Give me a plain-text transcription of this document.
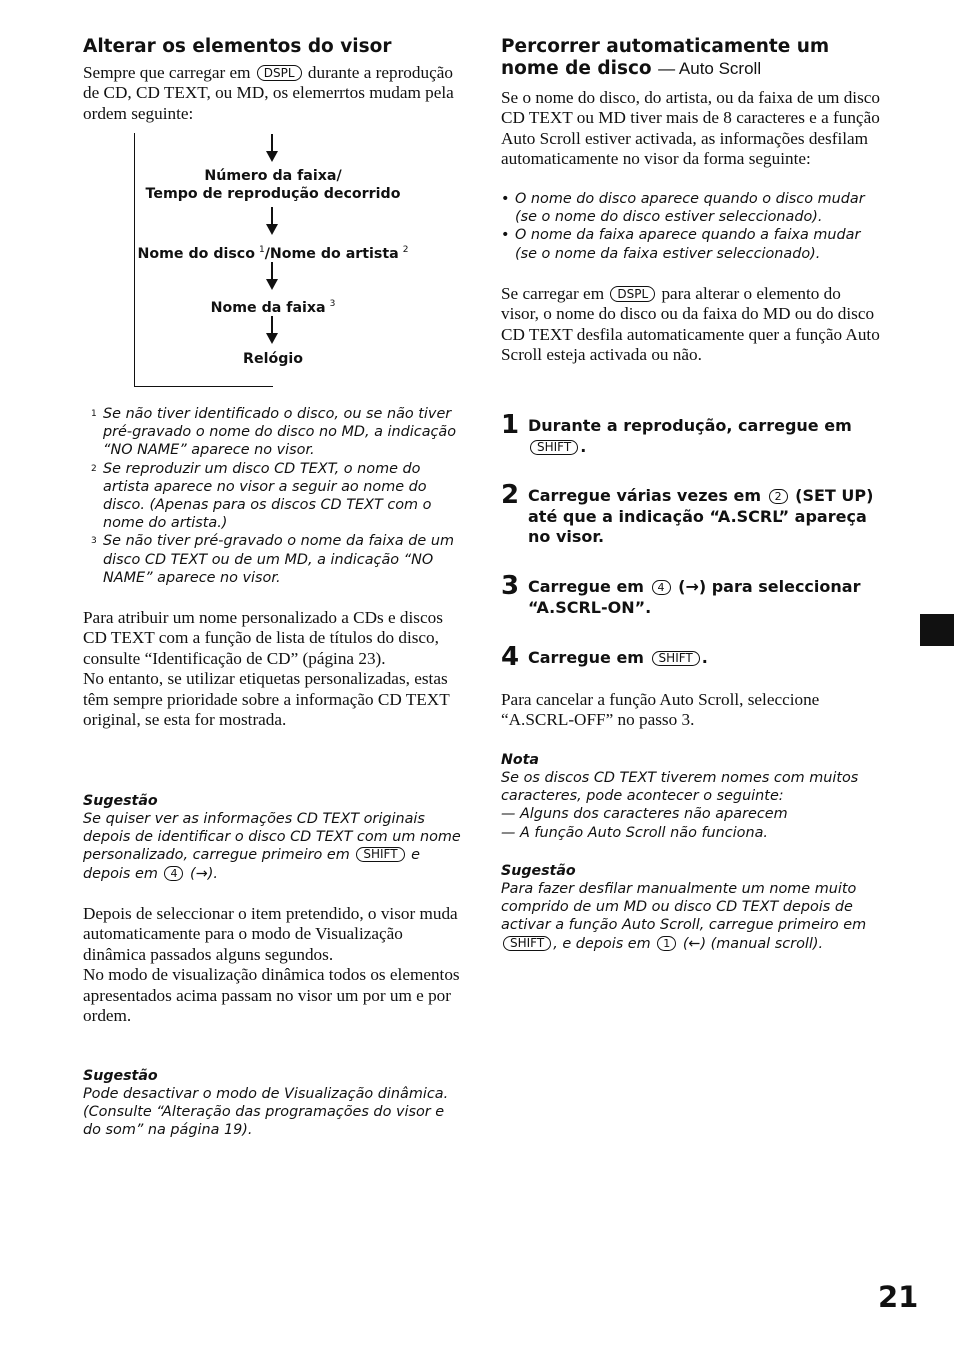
Alterar os elementos do visor

Sempre que carregar em DSPL durante a reprodução de CD, CD TEXT, ou MD, os elemerrtos mudam pela ordem seguinte:

Número da faixa/
Tempo de reprodução decorrido
Nome do disco $^1$/Nome do artista $^2$
Nome da faixa $^3$
Relógio
1 Se não tiver identificado o disco, ou se não tiver pré-gravado o nome do disco no MD, a indicação “NO NAME” aparece no visor.
2 Se reproduzir um disco CD TEXT, o nome do artista aparece no visor a seguir ao nome do disco. (Apenas para os discos CD TEXT com o nome do artista.)
3 Se não tiver pré-gravado o nome da faixa de um disco CD TEXT ou de um MD, a indicação “NO NAME” aparece no visor.

Para atribuir um nome personalizado a CDs e discos CD TEXT com a função de lista de títulos do disco, consulte “Identificação de CD” (página 23).

No entanto, se utilizar etiquetas personalizadas, estas têm sempre prioridade sobre a informação CD TEXT original, se esta for mostrada.

Sugestão
Se quiser ver as informações CD TEXT originais depois de identificar o disco CD TEXT com um nome personalizado, carregue primeiro em SHIFT e depois em 4 (→).

Depois de seleccionar o item pretendido, o visor muda automaticamente para o modo de Visualização dinâmica passados alguns segundos.

No modo de visualização dinâmica todos os elementos apresentados acima passam no visor um por um e por ordem.

Sugestão
Pode desactivar o modo de Visualização dinâmica. (Consulte “Alteração das programações do visor e do som” na página 19).
Percorrer automaticamente um nome de disco — Auto Scroll

Se o nome do disco, do artista, ou da faixa de um disco CD TEXT ou MD tiver mais de 8 caracteres e a função Auto Scroll estiver activada, as informações desfilam automaticamente no visor da forma seguinte:

• O nome do disco aparece quando o disco mudar (se o nome do disco estiver seleccionado).
• O nome da faixa aparece quando a faixa mudar (se o nome da faixa estiver seleccionado).

Se carregar em DSPL para alterar o elemento do visor, o nome do disco ou da faixa do MD ou do disco CD TEXT desfila automaticamente quer a função Auto Scroll esteja activada ou não.

1 Durante a reprodução, carregue em
SHIFT .
2 Carregue várias vezes em 2 (SET UP) até que a indicação “A.SCRL” apareça no visor.
3 Carregue em 4 (→) para seleccionar “A.SCRL-ON”.
4 Carregue em SHIFT .

Para cancelar a função Auto Scroll, seleccione “A.SCRL-OFF” no passo 3.

Nota
Se os discos CD TEXT tiverem nomes com muitos caracteres, pode acontecer o seguinte:
— Alguns dos caracteres não aparecem
— A função Auto Scroll não funciona.
Sugestão
Para fazer desfilar manualmente um nome muito comprido de um MD ou disco CD TEXT depois de activar a função Auto Scroll, carregue primeiro em SHIFT , e depois em 1 (←) (manual scroll).
21
